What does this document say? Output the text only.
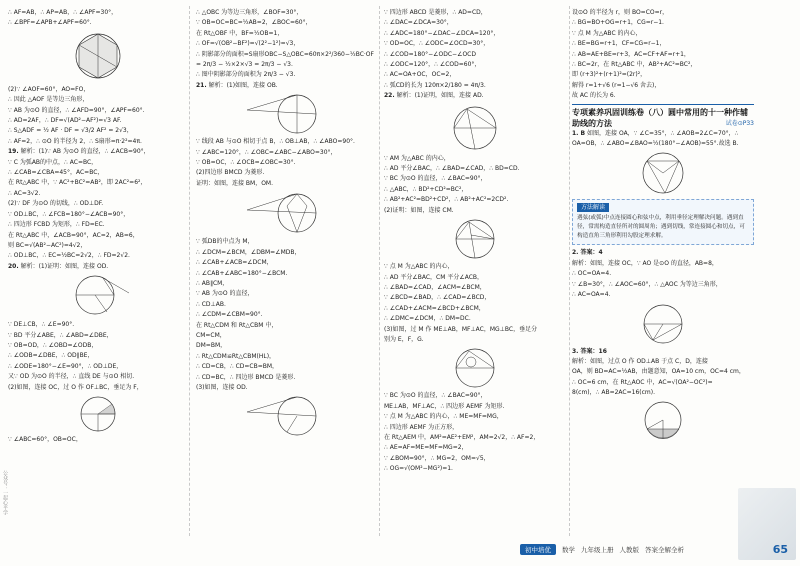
公众号：一起心平学

∴ AF=AB，∴ AP=AB，∴ ∠APF=30°，

∴ ∠BPF=∠APB+∠APF=60°.

(2)∵ ∠AOF=60°，AO=FO，

∴ 因此 △AOF 是等边三角形，

∵ AB 为⊙O 的直径，∴ ∠AFD=90°，∠APF=60°.

∴ AD=2AF，∴ DF=√(AD²−AF²)=√3 AF.

∴ S△ADF = ½ AF · DF = √3/2 AF² = 2√3，

∴ AF=2，∴ ⊙O 的半径为 2，∴ S扇形=π·2²=4π.

19. 解析：(1)∵ AB 为⊙O 的直径，∴ ∠ACB=90°，

∵ C 为弧AB的中点，∴ AC=BC，

∴ ∠CAB=∠CBA=45°，AC=BC，

在 Rt△ABC 中，∵ AC²+BC²=AB²，即 2AC²=6²，

∴ AC=3√2.

(2)∵ DF 为⊙O 的切线，∴ OD⊥DF.

∵ OD⊥BC，∴ ∠FCB=180°−∠ACB=90°，

∴ 四边形 FCBD 为矩形，∴ FD=EC.

在 Rt△ABC 中，∠ACB=90°，AC=2，AB=6，

则 BC=√(AB²−AC²)=4√2，

∴ OD⊥BC，∴ EC=½BC=2√2，∴ FD=2√2.

20. 解析：(1)证明：如图，连接 OD.

∵ DE⊥CB，∴ ∠E=90°.

∵ BD 平分∠ABE，∴ ∠ABD=∠DBE，

∵ OB=OD，∴ ∠OBD=∠ODB，

∴ ∠ODB=∠DBE，∴ OD∥BE，

∴ ∠ODE=180°−∠E=90°，∴ OD⊥DE，

又∵ OD 为⊙O 的半径，∴ 直线 DE 与⊙O 相切.

(2)如图，连接 OC，过 O 作 OF⊥BC，垂足为 F，

∵ ∠ABC=60°，OB=OC，

∴ △OBC 为等边三角形，∠BOF=30°，

∵ OB=OC=BC=½AB=2，∠BOC=60°，

在 Rt△OBF 中，BF=½OB=1，

∴ OF=√(OB²−BF²)=√(2²−1²)=√3，

∴ 阴影部分的面积=S扇形OBC−S△OBC=60π×2²/360−½BC·OF

= 2π/3 − ½×2×√3 = 2π/3 − √3.

∴ 图中阴影部分的面积为 2π/3 − √3.

21. 解析：(1)如图，连接 OB.

∵ 线段 AB 与⊙O 相切于点 B，∴ OB⊥AB，∴ ∠ABO=90°.

∵ ∠ABC=120°，∴ ∠OBC=∠ABC−∠ABO=30°，

∵ OB=OC，∴ ∠OCB=∠OBC=30°.

(2)四边形 BMCD 为菱形.

证明：如图，连接 BM，OM.

∵ 弧DB的中点为 M，

∴ ∠DCM=∠BCM，∠DBM=∠MDB，

∴ ∠CAB+∠ACB=∠DCM，

∴ ∠CAB+∠ABC=180°−∠BCM.

∴ AB∥CM，

∵ AB 为⊙O 的直径，

∴ CD⊥AB.

∴ ∠CDM=∠CBM=90°.

在 Rt△CDM 和 Rt△CBM 中，

CM=CM，

DM=BM，

∴ Rt△CDM≌Rt△CBM(HL)，

∴ CD=CB，∴ CD=CB=BM，

∴ CD=BC，∴ 四边形 BMCD 是菱形.

(3)如图，连接 OD.

∵ 四边形 ABCD 是菱形，∴ AD=CD，

∴ ∠DAC=∠DCA=30°，

∴ ∠ADC=180°−∠DAC−∠DCA=120°，

∵ OD=OC，∴ ∠ODC=∠OCD=30°，

∴ ∠COD=180°−∠ODC−∠OCD

∴ ∠ODC=120°，∴ ∠COD=60°，

∴ AC=OA+OC，OC=2，

∴ 弧CD的长为 120π×2/180 = 4π/3.

22. 解析：(1)证明，如图，连接 AD.

∵ AM 为△ABC 的内心，

∴ AD 平分∠BAC，∴ ∠BAD=∠CAD，∴ BD=CD.

∵ BC 为⊙O 的直径，∴ ∠BAC=90°，

∴ △ABC，∴ BD²+CD²=BC²，

∴ AB²+AC²=BD²+CD²，∴ AB²+AC²=2CD².

(2)证明：如图，连接 CM.

∵ 点 M 为△ABC 的内心，

∴ AD 平分∠BAC，CM 平分∠ACB，

∴ ∠BAD=∠CAD，∠ACM=∠BCM，

∵ ∠BCD=∠BAD，∴ ∠CAD=∠BCD，

∴ ∠CAD+∠ACM=∠BCD+∠BCM，

∴ ∠DMC=∠DCM，∴ DM=DC.

(3)如图，过 M 作 ME⊥AB，MF⊥AC，MG⊥BC，垂足分

别为 E，F，G.

∵ BC 为⊙O 的直径，∴ ∠BAC=90°，

ME⊥AB，MF⊥AC，∴ 四边形 AEMF 为矩形.

∵ 点 M 为△ABC 的内心，∴ ME=MF=MG，

∴ 四边形 AEMF 为正方形，

在 Rt△AEM 中，AM²=AE²+EM²，AM=2√2，∴ AF=2，

∴ AE=AF=ME=MF=MG=2，

∵ ∠BOM=90°，∴ MG=2，OM=√5，

∴ OG=√(OM²−MG²)=1.

设⊙O 的半径为 r，则 BO=CO=r，

∴ BG=BO+OG=r+1，CG=r−1.

∵ 点 M 为△ABC 的内心，

∴ BE=BG=r+1，CF=CG=r−1，

∴ AB=AE+BE=r+3，AC=CF+AF=r+1，

∴ BC=2r，在 Rt△ABC 中，AB²+AC²=BC²，

即 (r+3)²+(r+1)²=(2r)²，

解得 r=1+√6 (r=1−√6 舍去)，

故 AC 的长为 6.

专项素养巩固训练卷（八）圆中常用的十一种作辅助线的方法	试卷⊙P33

1. B 如图，连接 OA，∵ ∠C=35°，∴ ∠AOB=2∠C=70°，∴

OA=OB，∴ ∠ABO=∠BAO=½(180°−∠AOB)=55°.故选 B.

方法解读
遇弦(或弧)中点连接圆心和弦中点，利用垂径定理解决问题。遇到直径，常需构造直径所对的圆周角；遇到切线，常连接圆心和切点，可构造直角三角形利用勾股定理求解。

2. 答案：4

解析：如图，连接 OC，∵ AO 是⊙O 的直径，AB=8，

∴ OC=OA=4.

∵ ∠B=30°，∴ ∠AOC=60°，∴ △AOC 为等边三角形，

∴ AC=OA=4.

3. 答案：16

解析：如图，过点 O 作 OD⊥AB 于点 C，D，连接

OA，则 BD=AC=½AB，由题意知，OA=10 cm，OC=4 cm，

∴ OC=6 cm，在 Rt△AOC 中，AC=√(OA²−OC²)=

8(cm)，∴ AB=2AC=16(cm).

初中培优	数学 九年级上册 人教版 答案全解全析	65
